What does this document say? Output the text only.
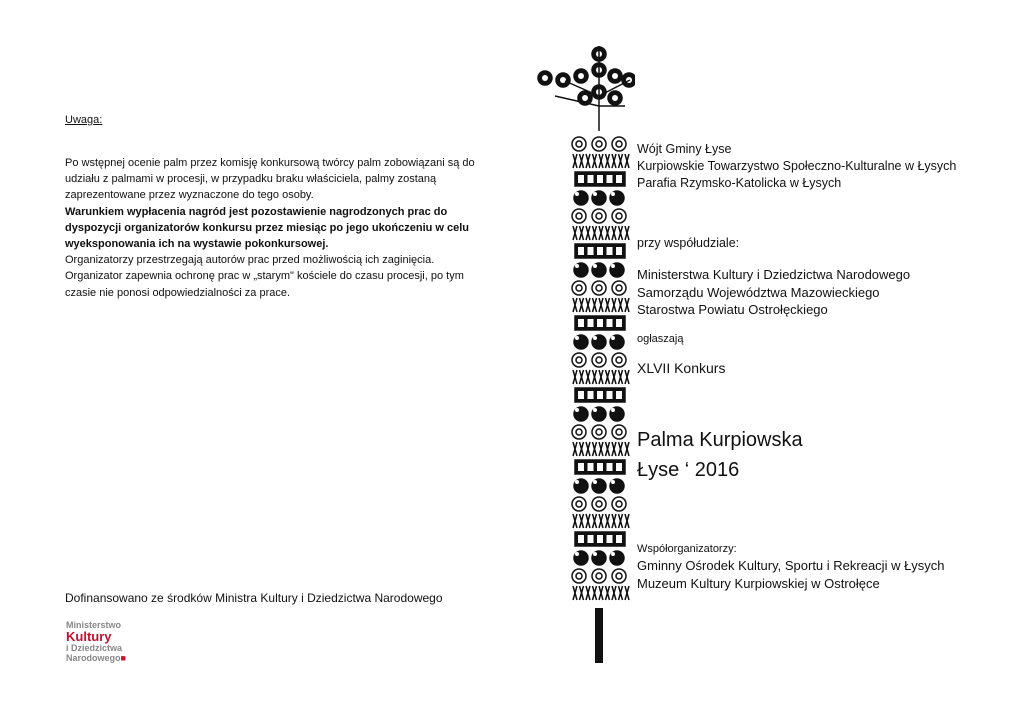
Uwaga:
Po wstępnej ocenie palm przez komisję konkursową twórcy palm zobowiązani są do udziału z palmami w procesji, w przypadku braku właściciela, palmy zostaną zaprezentowane przez wyznaczone do tego osoby.
Warunkiem wypłacenia nagród jest pozostawienie nagrodzonych prac do dyspozycji organizatorów konkursu przez miesiąc po jego ukończeniu w celu wyeksponowania ich na wystawie pokonkursowej.
Organizatorzy przestrzegają autorów prac przed możliwością ich zaginięcia. Organizator zapewnia ochronę prac w „starym" kościele do czasu procesji, po tym czasie nie ponosi odpowiedzialności za prace.
Dofinansowano ze środków Ministra Kultury i Dziedzictwa Narodowego
Ministerstwo
Kultury
i Dziedzictwa
Narodowego■
Wójt Gminy Łyse
Kurpiowskie Towarzystwo Społeczno-Kulturalne w Łysych
Parafia Rzymsko-Katolicka w Łysych
przy współudziale:
Ministerstwa Kultury i Dziedzictwa Narodowego
Samorządu Województwa Mazowieckiego
Starostwa Powiatu Ostrołęckiego
ogłaszają
XLVII Konkurs
Palma Kurpiowska
Łyse ‘ 2016
Współorganizatorzy:
Gminny Ośrodek Kultury, Sportu i Rekreacji w Łysych
Muzeum Kultury Kurpiowskiej w Ostrołęce
